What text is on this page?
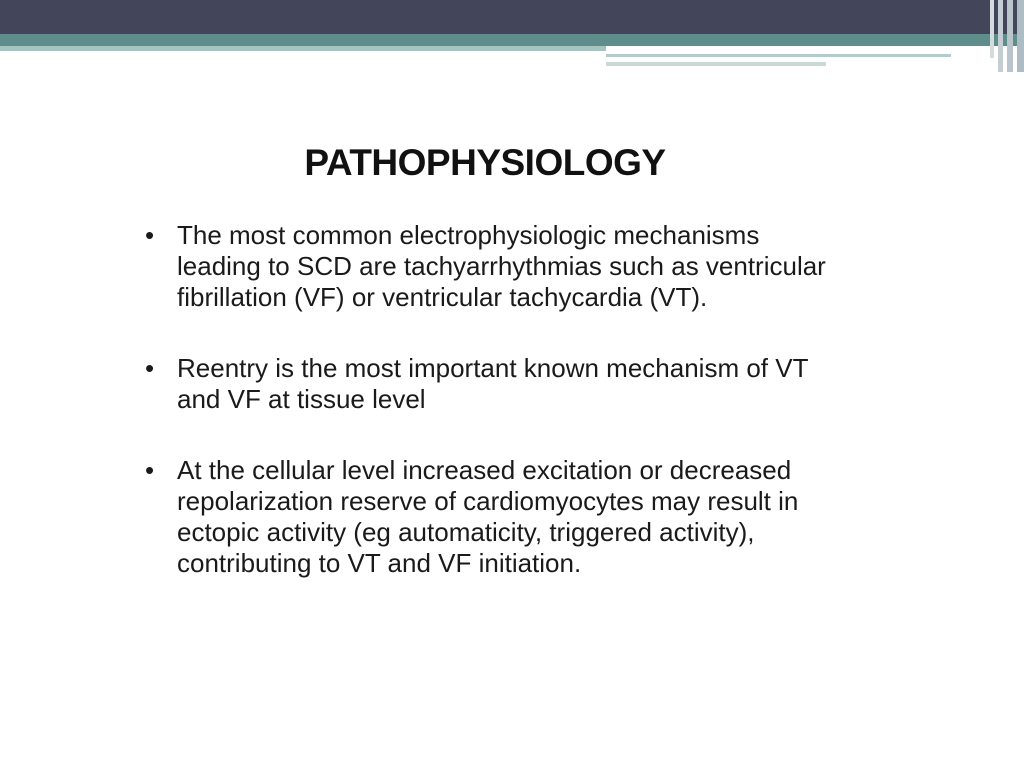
PATHOPHYSIOLOGY
• The most common electrophysiologic mechanisms leading to SCD are tachyarrhythmias such as ventricular fibrillation (VF) or ventricular tachycardia (VT).
• Reentry is the most important known mechanism of VT and VF at tissue level
• At the cellular level increased excitation or decreased repolarization reserve of cardiomyocytes may result in ectopic activity (eg automaticity, triggered activity), contributing to VT and VF initiation.
